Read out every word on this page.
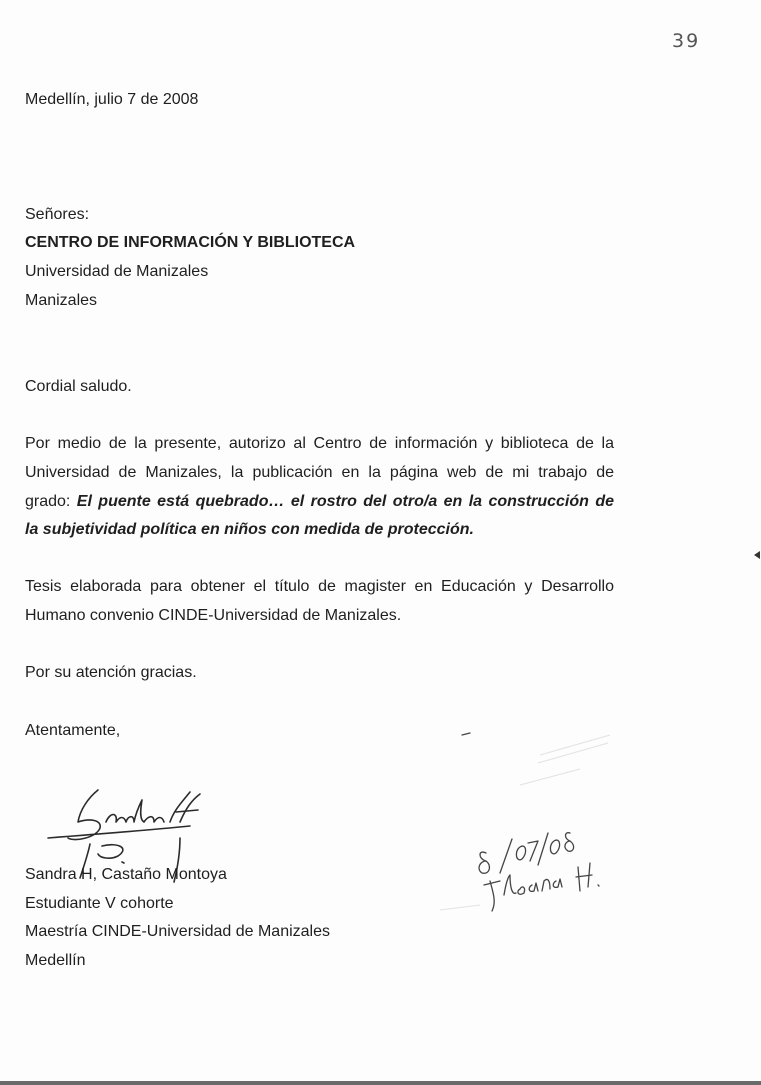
39
Medellín, julio 7 de 2008
Señores:
CENTRO DE INFORMACIÓN Y BIBLIOTECA
Universidad de Manizales
Manizales
Cordial saludo.
Por medio de la presente, autorizo al Centro de información y biblioteca de la
Universidad de Manizales, la publicación en la página web de mi trabajo de
grado: El puente está quebrado… el rostro del otro/a en la construcción de
la subjetividad política en niños con medida de protección.
Tesis elaborada para obtener el título de magister en Educación y Desarrollo
Humano convenio CINDE-Universidad de Manizales.
Por su atención gracias.
Atentamente,
Sandra H, Castaño Montoya
Estudiante V cohorte
Maestría CINDE-Universidad de Manizales
Medellín
